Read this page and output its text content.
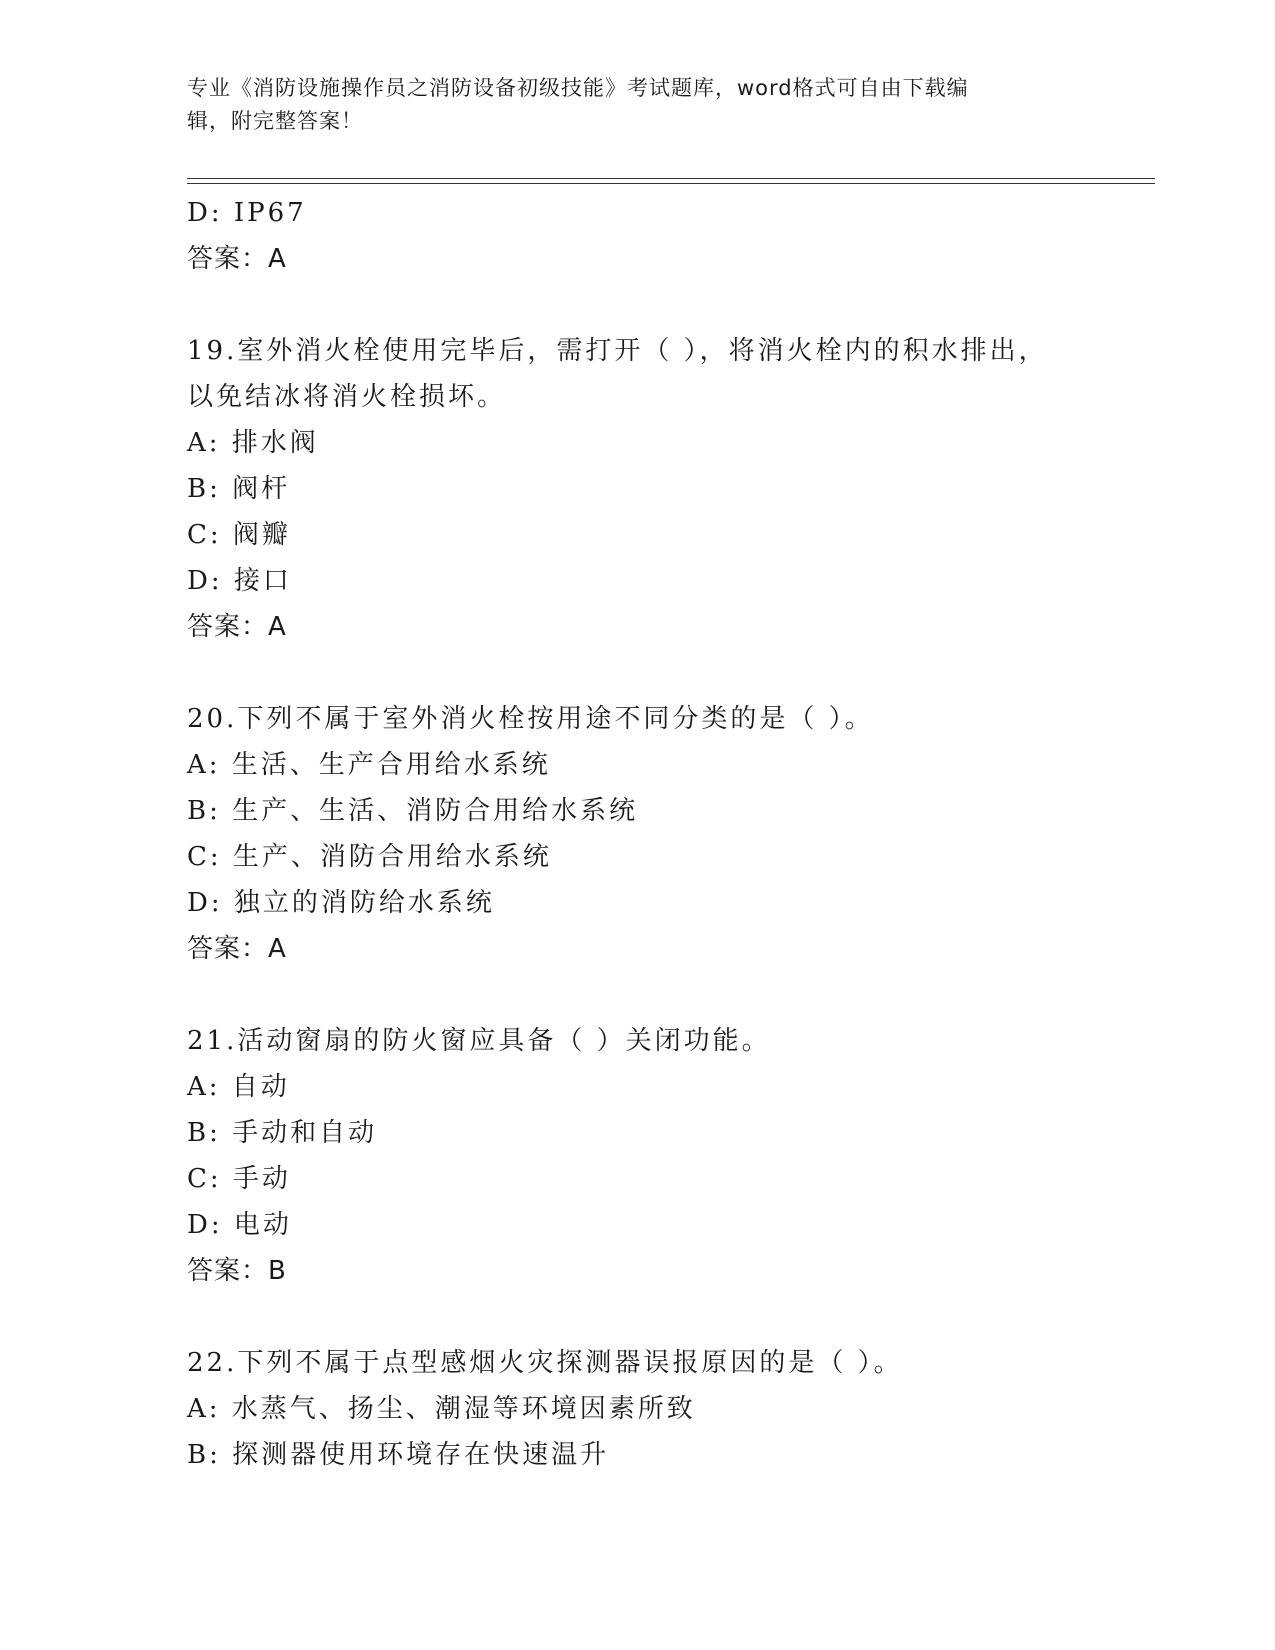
专业《消防设施操作员之消防设备初级技能》考试题库，word格式可自由下载编
辑，附完整答案！
D: IP67
答案：A
19.室外消火栓使用完毕后，需打开（ ），将消火栓内的积水排出，
以免结冰将消火栓损坏。
A: 排水阀
B: 阀杆
C: 阀瓣
D: 接口
答案：A
20.下列不属于室外消火栓按用途不同分类的是（ ）。
A: 生活、生产合用给水系统
B: 生产、生活、消防合用给水系统
C: 生产、消防合用给水系统
D: 独立的消防给水系统
答案：A
21.活动窗扇的防火窗应具备（ ）关闭功能。
A: 自动
B: 手动和自动
C: 手动
D: 电动
答案：B
22.下列不属于点型感烟火灾探测器误报原因的是（ ）。
A: 水蒸气、扬尘、潮湿等环境因素所致
B: 探测器使用环境存在快速温升
